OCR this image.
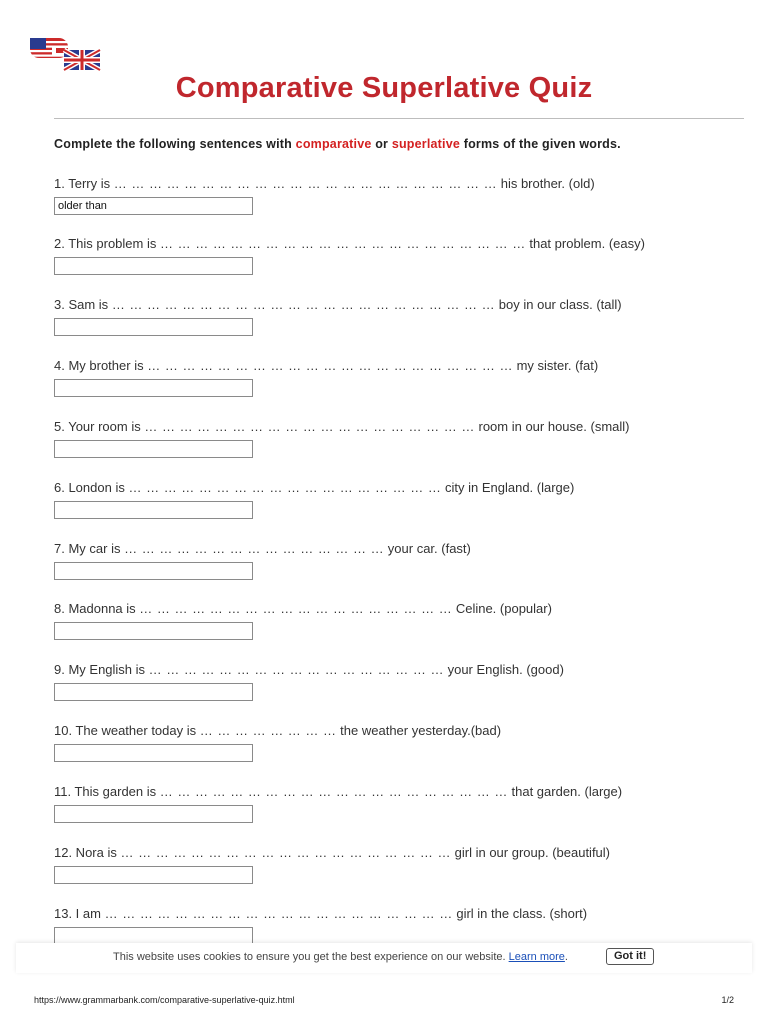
Comparative Superlative Quiz
Complete the following sentences with comparative or superlative forms of the given words.
1. Terry is … … … … … … … … … … … … … … … … … … … … … … his brother. (old)
older than
2. This problem is … … … … … … … … … … … … … … … … … … … … … that problem. (easy)
3. Sam is … … … … … … … … … … … … … … … … … … … … … … boy in our class. (tall)
4. My brother is … … … … … … … … … … … … … … … … … … … … … my sister. (fat)
5. Your room is … … … … … … … … … … … … … … … … … … … room in our house. (small)
6. London is … … … … … … … … … … … … … … … … … … city in England. (large)
7. My car is … … … … … … … … … … … … … … … your car. (fast)
8. Madonna is … … … … … … … … … … … … … … … … … … Celine. (popular)
9. My English is … … … … … … … … … … … … … … … … … your English. (good)
10. The weather today is … … … … … … … … the weather yesterday.(bad)
11. This garden is … … … … … … … … … … … … … … … … … … … … that garden. (large)
12. Nora is … … … … … … … … … … … … … … … … … … … girl in our group. (beautiful)
13. I am … … … … … … … … … … … … … … … … … … … … girl in the class. (short)
This website uses cookies to ensure you get the best experience on our website. Learn more.	Got it!
https://www.grammarbank.com/comparative-superlative-quiz.html	1/2
